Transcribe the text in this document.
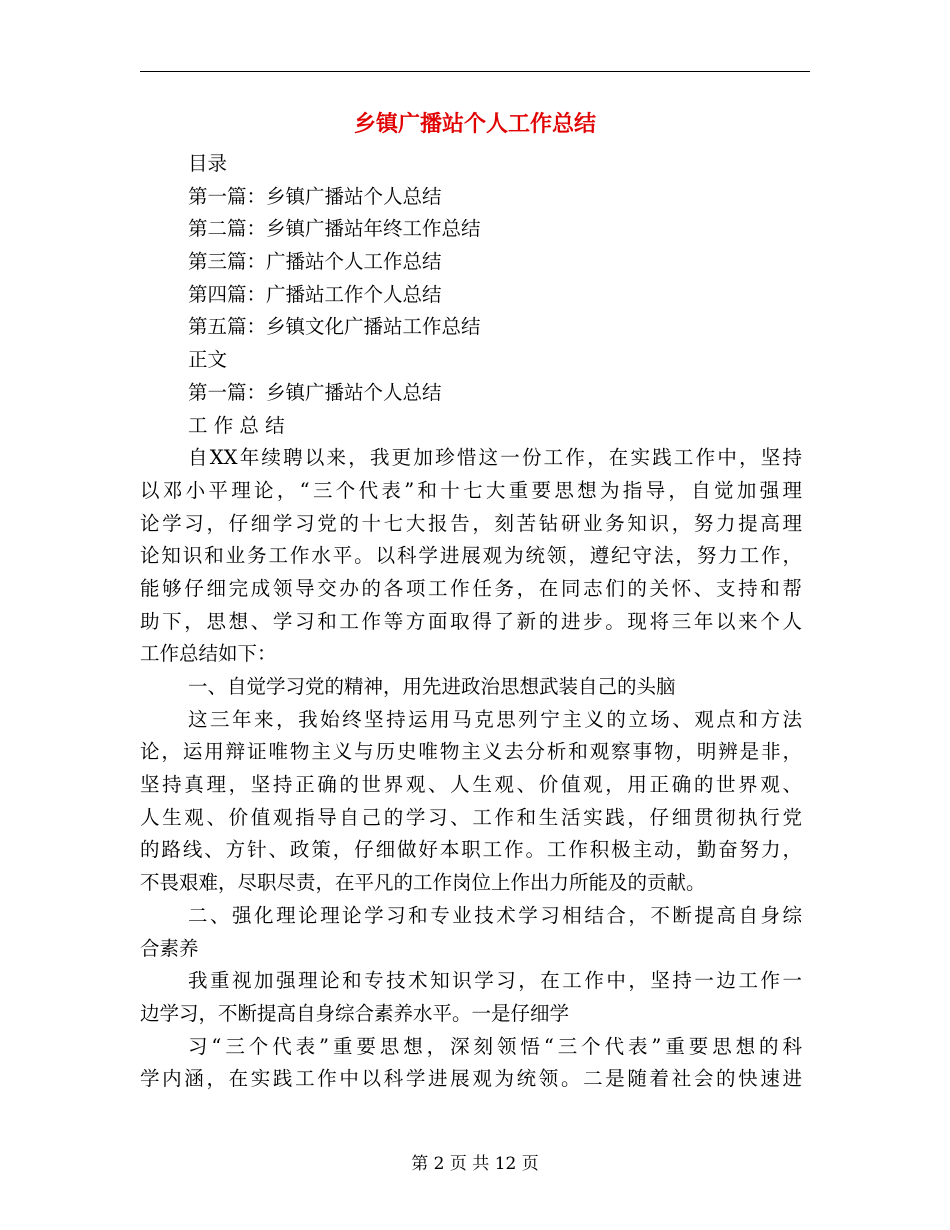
乡镇广播站个人工作总结
目录
第一篇：乡镇广播站个人总结
第二篇：乡镇广播站年终工作总结
第三篇：广播站个人工作总结
第四篇：广播站工作个人总结
第五篇：乡镇文化广播站工作总结
正文
第一篇：乡镇广播站个人总结
工 作 总 结
自XX年续聘以来，我更加珍惜这一份工作，在实践工作中，坚持
以邓小平理论，“三个代表”和十七大重要思想为指导，自觉加强理
论学习，仔细学习党的十七大报告，刻苦钻研业务知识，努力提高理
论知识和业务工作水平。以科学进展观为统领，遵纪守法，努力工作，
能够仔细完成领导交办的各项工作任务，在同志们的关怀、支持和帮
助下，思想、学习和工作等方面取得了新的进步。现将三年以来个人
工作总结如下：
一、自觉学习党的精神，用先进政治思想武装自己的头脑
这三年来，我始终坚持运用马克思列宁主义的立场、观点和方法
论，运用辩证唯物主义与历史唯物主义去分析和观察事物，明辨是非，
坚持真理，坚持正确的世界观、人生观、价值观，用正确的世界观、
人生观、价值观指导自己的学习、工作和生活实践，仔细贯彻执行党
的路线、方针、政策，仔细做好本职工作。工作积极主动，勤奋努力，
不畏艰难，尽职尽责，在平凡的工作岗位上作出力所能及的贡献。
二、强化理论理论学习和专业技术学习相结合，不断提高自身综
合素养
我重视加强理论和专技术知识学习，在工作中，坚持一边工作一
边学习，不断提高自身综合素养水平。一是仔细学
习“三个代表”重要思想，深刻领悟“三个代表”重要思想的科
学内涵，在实践工作中以科学进展观为统领。二是随着社会的快速进
第 2 页 共 12 页
